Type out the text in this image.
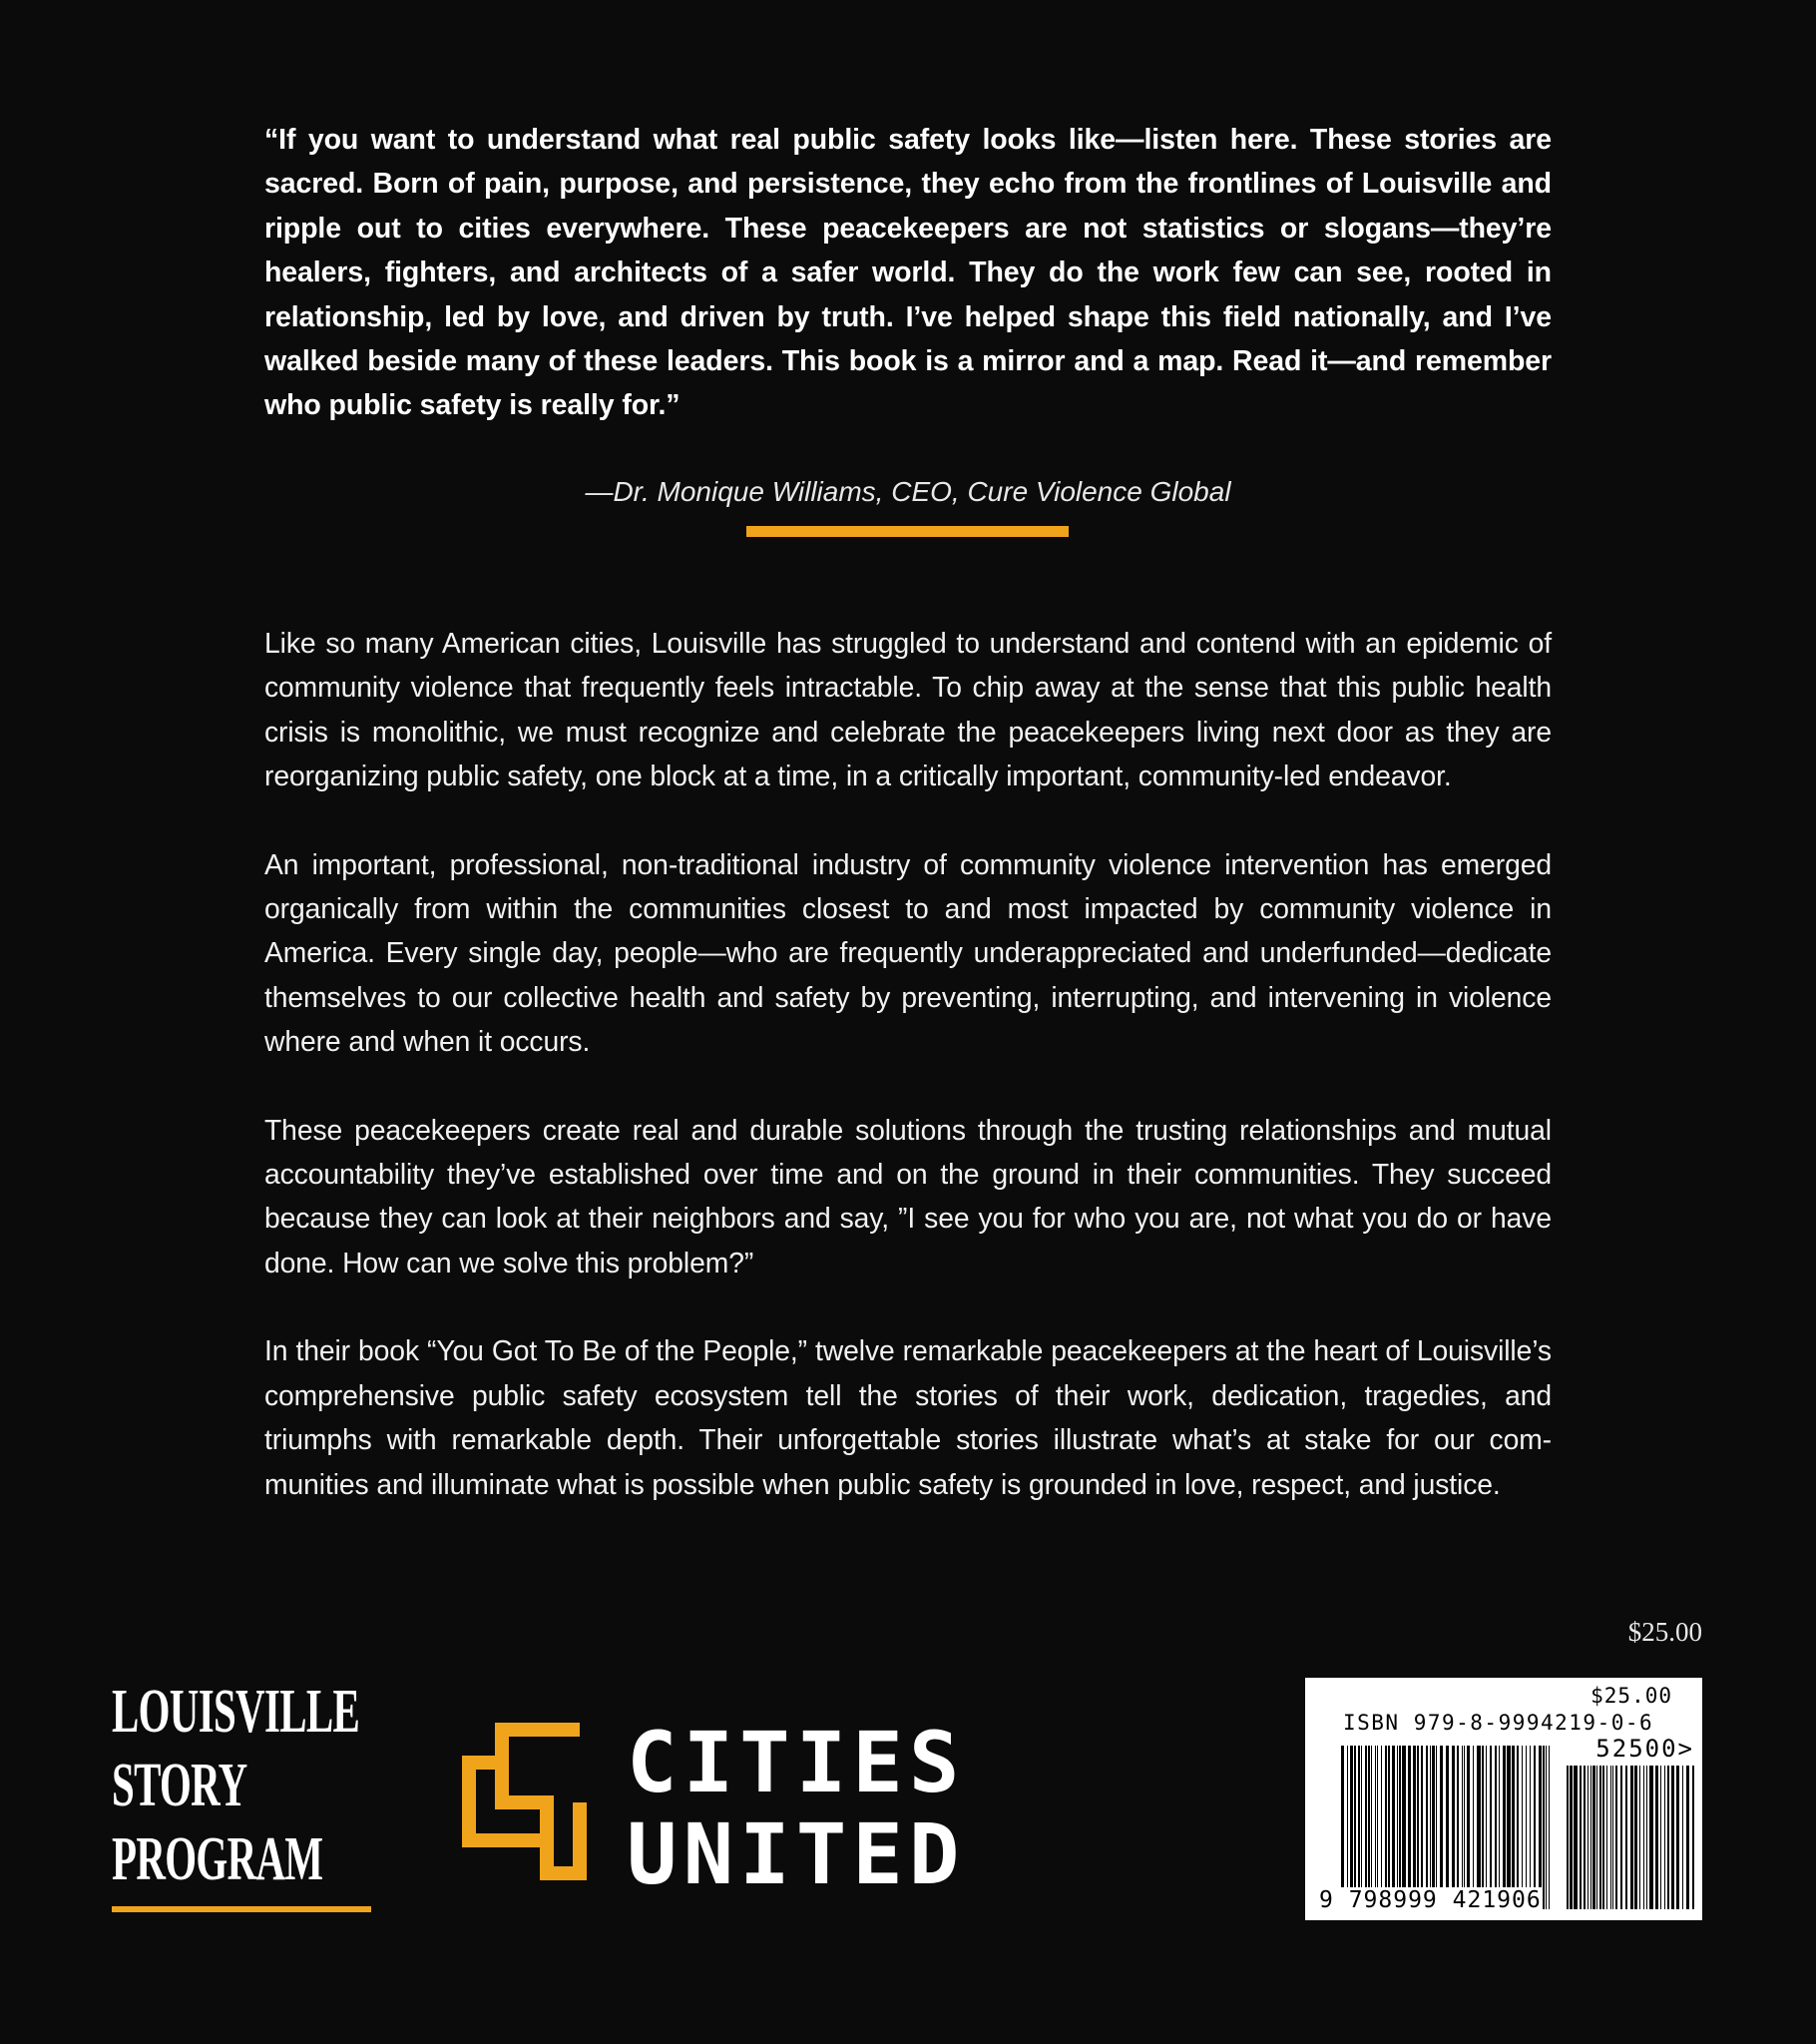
“If you want to understand what real public safety looks like—listen here. These stories are sacred. Born of pain, purpose, and persistence, they echo from the frontlines of Louisville and ripple out to cities everywhere. These peacekeepers are not statistics or slogans—they’re healers, fighters, and architects of a safer world. They do the work few can see, rooted in relationship, led by love, and driven by truth. I’ve helped shape this field nationally, and I’ve walked beside many of these leaders. This book is a mirror and a map. Read it—and remember who public safety is really for.”

—Dr. Monique Williams, CEO, Cure Violence Global

Like so many American cities, Louisville has struggled to understand and contend with an epidemic of community violence that frequently feels intractable. To chip away at the sense that this public health crisis is monolithic, we must recognize and celebrate the peacekeepers living next door as they are reorganizing public safety, one block at a time, in a critically important, community-led endeavor.

An important, professional, non-traditional industry of community violence intervention has emerged organically from within the communities closest to and most impacted by community violence in America. Every single day, people—who are frequently underappreciated and underfunded—dedicate themselves to our collective health and safety by preventing, interrupting, and intervening in violence where and when it occurs.

These peacekeepers create real and durable solutions through the trusting relationships and mutual accountability they’ve established over time and on the ground in their communities. They succeed because they can look at their neighbors and say, ”I see you for who you are, not what you do or have done. How can we solve this problem?”

In their book “You Got To Be of the People,” twelve remarkable peacekeepers at the heart of Louisville’s comprehensive public safety ecosystem tell the stories of their work, dedication, tragedies, and triumphs with remarkable depth. Their unforgettable stories illustrate what’s at stake for our com-munities and illuminate what is possible when public safety is grounded in love, respect, and justice.

$25.00
LOUISVILLE
STORY
PROGRAM
CITIES
UNITED
$25.00
ISBN 979-8-9994219-0-6
52500>
9 798999 421906
